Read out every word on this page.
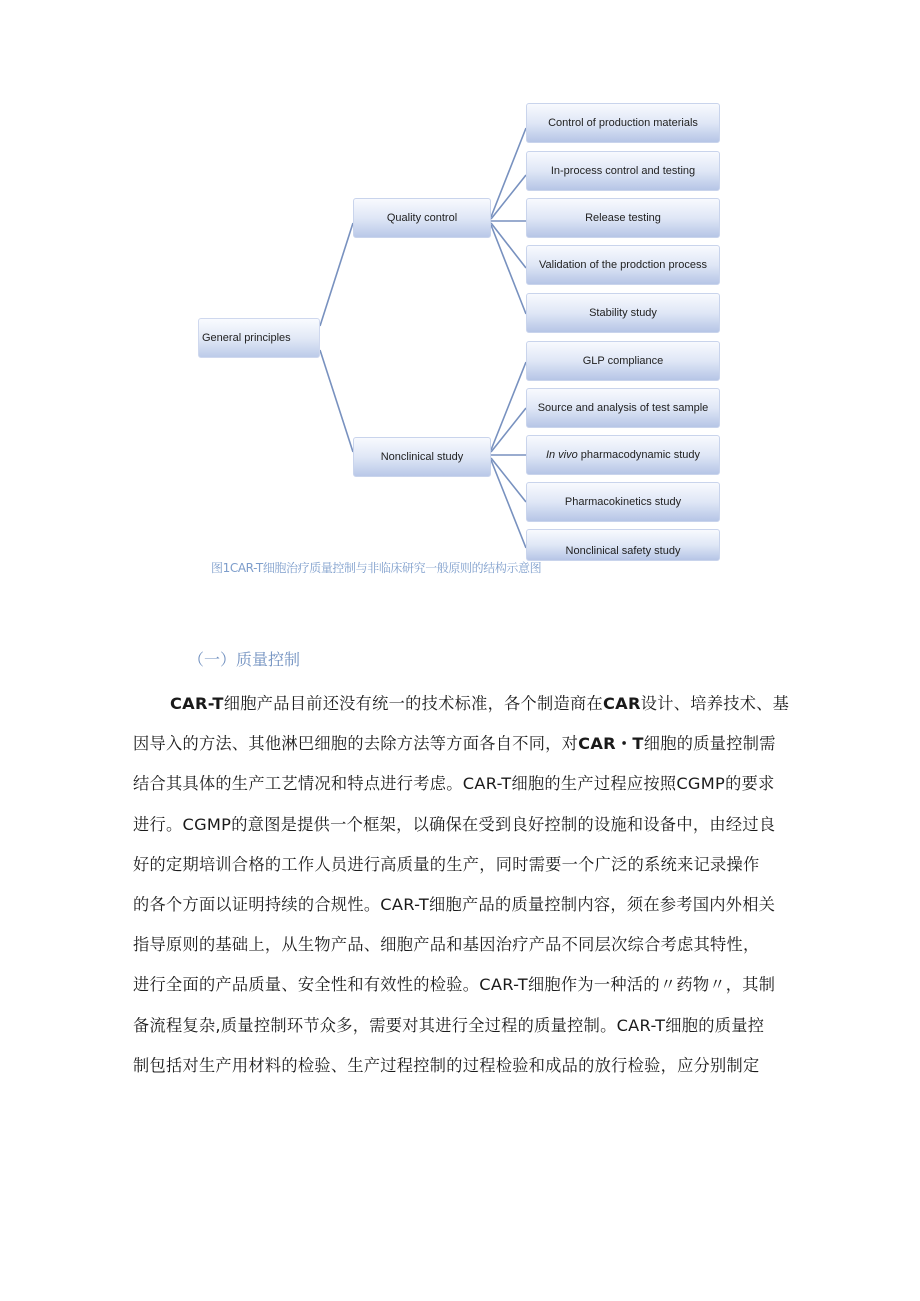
General principles
Quality control
Nonclinical study
Control of production materials
In-process control and testing
Release testing
Validation of the prodction process
Stability study
GLP compliance
Source and analysis of test sample
In vivo pharmacodynamic study
Pharmacokinetics study
Nonclinical safety study
图1CAR-T细胞治疗质量控制与非临床研究一般原则的结构示意图
（一）质量控制
CAR-T细胞产品目前还没有统一的技术标准，各个制造商在CAR设计、培养技术、基
因导入的方法、其他淋巴细胞的去除方法等方面各自不同，对CAR・T细胞的质量控制需
结合其具体的生产工艺情况和特点进行考虑。CAR-T细胞的生产过程应按照CGMP的要求
进行。CGMP的意图是提供一个框架，以确保在受到良好控制的设施和设备中，由经过良
好的定期培训合格的工作人员进行高质量的生产，同时需要一个广泛的系统来记录操作
的各个方面以证明持续的合规性。CAR-T细胞产品的质量控制内容，须在参考国内外相关
指导原则的基础上，从生物产品、细胞产品和基因治疗产品不同层次综合考虑其特性，
进行全面的产品质量、安全性和有效性的检验。CAR-T细胞作为一种活的〃药物〃，其制
备流程复杂,质量控制环节众多，需要对其进行全过程的质量控制。CAR-T细胞的质量控
制包括对生产用材料的检验、生产过程控制的过程检验和成品的放行检验，应分别制定
